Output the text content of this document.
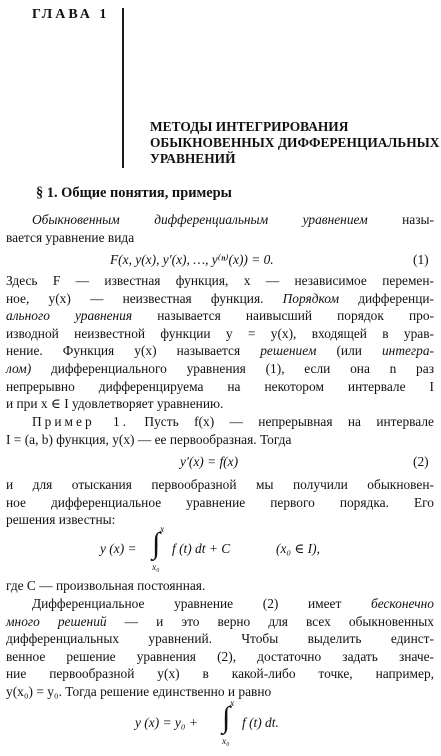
ГЛАВА 1
МЕТОДЫ ИНТЕГРИРОВАНИЯ
ОБЫКНОВЕННЫХ ДИФФЕРЕНЦИАЛЬНЫХ
УРАВНЕНИЙ
§ 1. Общие понятия, примеры
Обыкновенным дифференциальным уравнением назы-
вается уравнение вида
F(x, y(x), y′(x), …, y⁽ⁿ⁾(x)) = 0.	(1)
Здесь F — известная функция, x — независимое перемен-
ное, y(x) — неизвестная функция. Порядком дифференци-
ального уравнения называется наивысший порядок про-
изводной неизвестной функции y = y(x), входящей в урав-
нение. Функция y(x) называется решением (или интегра-
лом) дифференциального уравнения (1), если она n раз
непрерывно дифференцируема на некотором интервале I
и при x ∈ I удовлетворяет уравнению.
Пример 1. Пусть f(x) — непрерывная на интервале
I = (a, b) функция, y(x) — ее первообразная. Тогда
y′(x) = f(x)	(2)
и для отыскания первообразной мы получили обыкновен-
ное дифференциальное уравнение первого порядка. Его
решения известны:
y (x) = ∫ x
x₀
f (t) dt + C	(x₀ ∈ I),
где C — произвольная постоянная.
Дифференциальное уравнение (2) имеет бесконечно
много решений — и это верно для всех обыкновенных
дифференциальных уравнений. Чтобы выделить единст-
венное решение уравнения (2), достаточно задать значе-
ние первообразной y(x) в какой-либо точке, например,
y(x₀) = y₀. Тогда решение единственно и равно
y (x) = y₀ + ∫ x
x₀
f (t) dt.
